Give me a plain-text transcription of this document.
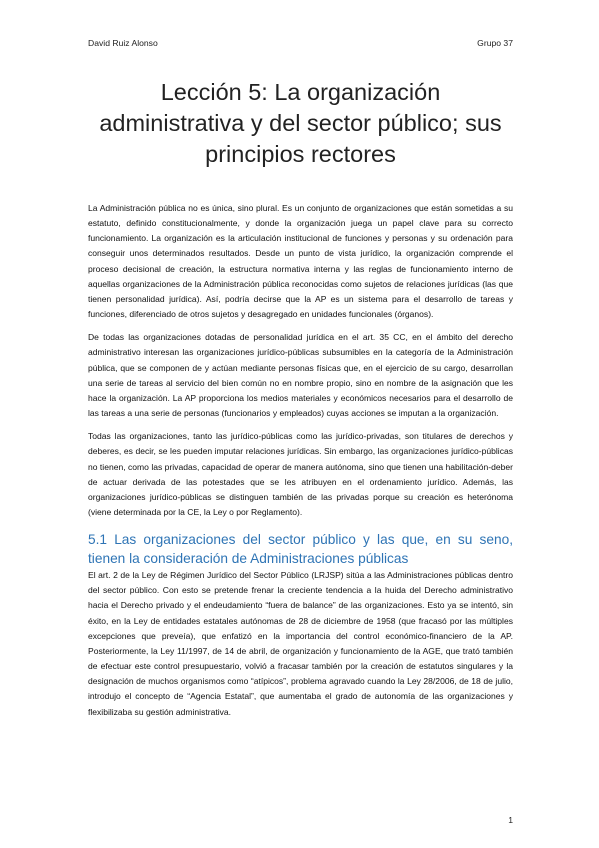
David Ruiz Alonso	Grupo 37
Lección 5: La organización administrativa y del sector público; sus principios rectores

La Administración pública no es única, sino plural. Es un conjunto de organizaciones que están sometidas a su estatuto, definido constitucionalmente, y donde la organización juega un papel clave para su correcto funcionamiento. La organización es la articulación institucional de funciones y personas y su ordenación para conseguir unos determinados resultados. Desde un punto de vista jurídico, la organización comprende el proceso decisional de creación, la estructura normativa interna y las reglas de funcionamiento interno de aquellas organizaciones de la Administración pública reconocidas como sujetos de relaciones jurídicas (las que tienen personalidad jurídica). Así, podría decirse que la AP es un sistema para el desarrollo de tareas y funciones, diferenciado de otros sujetos y desagregado en unidades funcionales (órganos).

De todas las organizaciones dotadas de personalidad jurídica en el art. 35 CC, en el ámbito del derecho administrativo interesan las organizaciones jurídico-públicas subsumibles en la categoría de la Administración pública, que se componen de y actúan mediante personas físicas que, en el ejercicio de su cargo, desarrollan una serie de tareas al servicio del bien común no en nombre propio, sino en nombre de la asignación que les hace la organización. La AP proporciona los medios materiales y económicos necesarios para el desarrollo de las tareas a una serie de personas (funcionarios y empleados) cuyas acciones se imputan a la organización.

Todas las organizaciones, tanto las jurídico-públicas como las jurídico-privadas, son titulares de derechos y deberes, es decir, se les pueden imputar relaciones jurídicas. Sin embargo, las organizaciones jurídico-públicas no tienen, como las privadas, capacidad de operar de manera autónoma, sino que tienen una habilitación-deber de actuar derivada de las potestades que se les atribuyen en el ordenamiento jurídico. Además, las organizaciones jurídico-públicas se distinguen también de las privadas porque su creación es heterónoma (viene determinada por la CE, la Ley o por Reglamento).

5.1 Las organizaciones del sector público y las que, en su seno, tienen la consideración de Administraciones públicas

El art. 2 de la Ley de Régimen Jurídico del Sector Público (LRJSP) sitúa a las Administraciones públicas dentro del sector público. Con esto se pretende frenar la creciente tendencia a la huida del Derecho administrativo hacia el Derecho privado y el endeudamiento “fuera de balance” de las organizaciones. Esto ya se intentó, sin éxito, en la Ley de entidades estatales autónomas de 28 de diciembre de 1958 (que fracasó por las múltiples excepciones que preveía), que enfatizó en la importancia del control económico-financiero de la AP. Posteriormente, la Ley 11/1997, de 14 de abril, de organización y funcionamiento de la AGE, que trató también de efectuar este control presupuestario, volvió a fracasar también por la creación de estatutos singulares y la designación de muchos organismos como “atípicos”, problema agravado cuando la Ley 28/2006, de 18 de julio, introdujo el concepto de “Agencia Estatal”, que aumentaba el grado de autonomía de las organizaciones y flexibilizaba su gestión administrativa.

1
